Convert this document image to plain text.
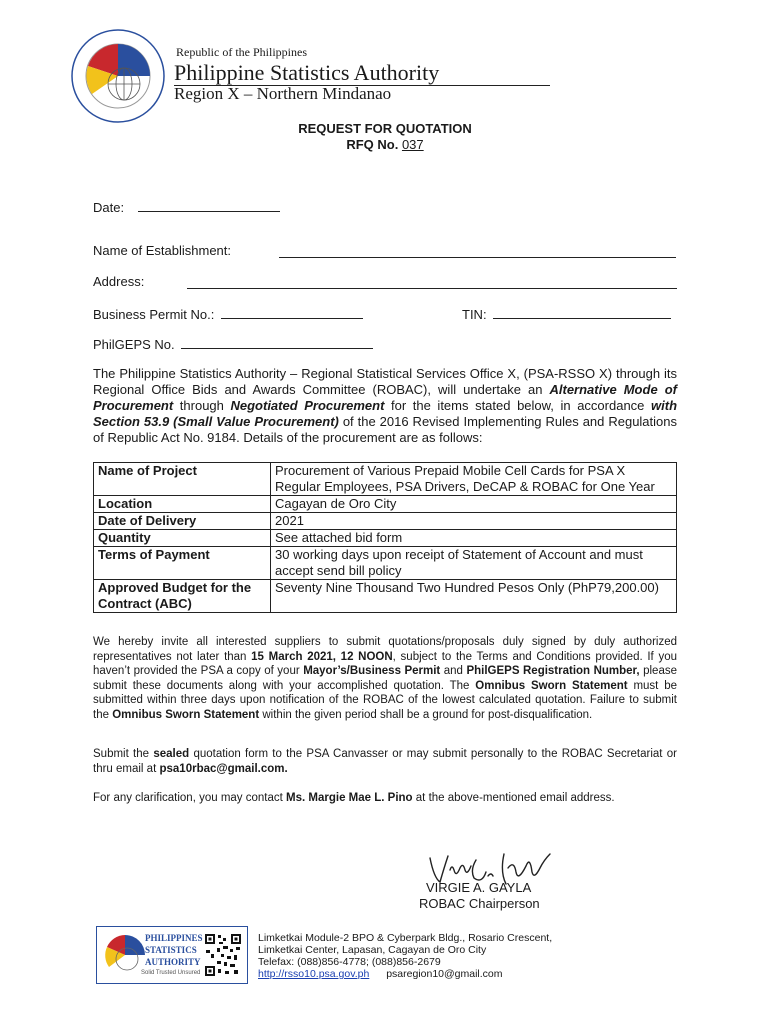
Republic of the Philippines
Philippine Statistics Authority
Region X – Northern Mindanao
REQUEST FOR QUOTATION
RFQ No. 037
Date:
Name of Establishment:
Address:
Business Permit No.:	TIN:
PhilGEPS No.
The Philippine Statistics Authority – Regional Statistical Services Office X, (PSA-RSSO X) through its Regional Office Bids and Awards Committee (ROBAC), will undertake an Alternative Mode of Procurement through Negotiated Procurement for the items stated below, in accordance with Section 53.9 (Small Value Procurement) of the 2016 Revised Implementing Rules and Regulations of Republic Act No. 9184. Details of the procurement are as follows:
Name of Project	Procurement of Various Prepaid Mobile Cell Cards for PSA X Regular Employees, PSA Drivers, DeCAP & ROBAC for One Year
Location	Cagayan de Oro City
Date of Delivery	2021
Quantity	See attached bid form
Terms of Payment	30 working days upon receipt of Statement of Account and must accept send bill policy
Approved Budget for the Contract (ABC)	Seventy Nine Thousand Two Hundred Pesos Only (PhP79,200.00)
We hereby invite all interested suppliers to submit quotations/proposals duly signed by duly authorized representatives not later than 15 March 2021, 12 NOON, subject to the Terms and Conditions provided. If you haven’t provided the PSA a copy of your Mayor’s/Business Permit and PhilGEPS Registration Number, please submit these documents along with your accomplished quotation. The Omnibus Sworn Statement must be submitted within three days upon notification of the ROBAC of the lowest calculated quotation. Failure to submit the Omnibus Sworn Statement within the given period shall be a ground for post-disqualification.
Submit the sealed quotation form to the PSA Canvasser or may submit personally to the ROBAC Secretariat or thru email at psa10rbac@gmail.com.
For any clarification, you may contact Ms. Margie Mae L. Pino at the above-mentioned email address.
VIRGIE A. GAYLA
ROBAC Chairperson
PHILIPPINES
STATISTICS
AUTHORITY
Solid Trusted Unsured
Limketkai Module-2 BPO & Cyberpark Bldg., Rosario Crescent,
Limketkai Center, Lapasan, Cagayan de Oro City
Telefax: (088)856-4778; (088)856-2679
http://rsso10.psa.gov.ph psaregion10@gmail.com
